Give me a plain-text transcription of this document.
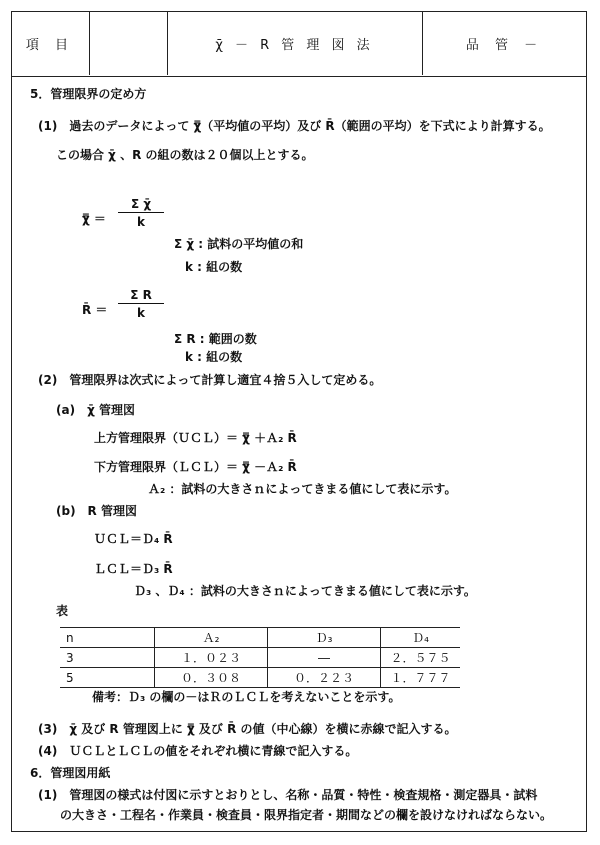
項 目	χ̄ － R 管 理 図 法	品 管 －
5．管理限界の定め方
(1)　過去のデータによって χ̿（平均値の平均）及び R̄（範囲の平均）を下式により計算する。
この場合 χ̄ 、R の組の数は２０個以上とする。
χ̿ ＝ $\frac{\text{Σ χ̄}}{k}$
Σ χ̄ : 試料の平均値の和
k : 組の数
R̄ ＝ $\frac{\text{Σ R}}{k}$
Σ R : 範囲の数
k : 組の数
(2)　管理限界は次式によって計算し適宜４捨５入して定める。
(a)　χ̄ 管理図
上方管理限界（ＵＣＬ）＝ χ̿ ＋Ａ₂ R̄
下方管理限界（ＬＣＬ）＝ χ̿ －Ａ₂ R̄
Ａ₂ ：試料の大きさｎによってきまる値にして表に示す。
(b)　R 管理図
ＵＣＬ＝Ｄ₄ R̄
ＬＣＬ＝Ｄ₃ R̄
Ｄ₃ 、Ｄ₄ ：試料の大きさｎによってきまる値にして表に示す。
表
n	Ａ₂	Ｄ₃	Ｄ₄
3	１．０２３	―	２．５７５
5	０．３０８	０．２２３	１．７７７
備考：Ｄ₃ の欄の－はＲのＬＣＬを考えないことを示す。
(3)　χ̄ 及び R 管理図上に χ̿ 及び R̄ の値（中心線）を横に赤線で記入する。
(4)　ＵＣＬとＬＣＬの値をそれぞれ横に青線で記入する。
6．管理図用紙
(1)　管理図の様式は付図に示すとおりとし、名称・品質・特性・検査規格・測定器具・試料
の大きさ・工程名・作業員・検査員・限界指定者・期間などの欄を設けなければならない。
